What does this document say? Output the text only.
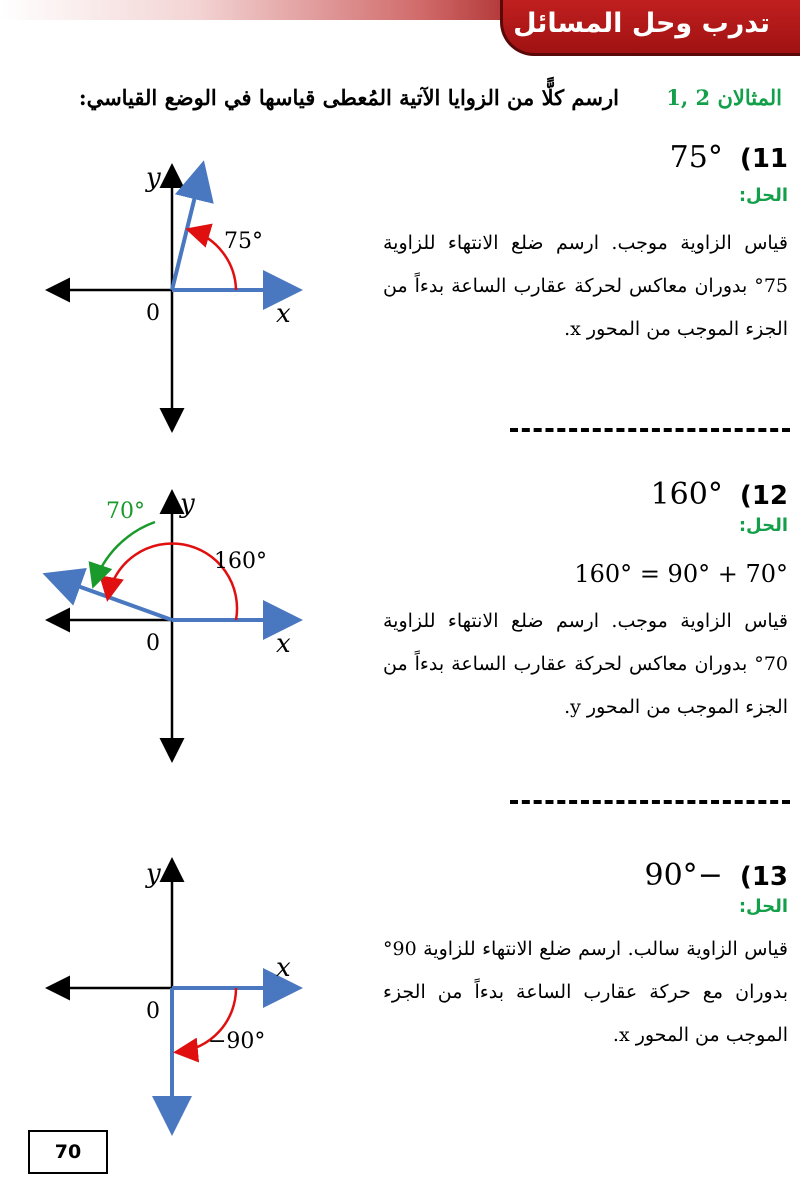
تدرب وحل المسائل
المثالان 2 ,1 ارسم كلًّا من الزوايا الآتية المُعطى قياسها في الوضع القياسي:
11) 75°
الحل:
قياس الزاوية موجب. ارسم ضلع الانتهاء للزاوية 75° بدوران معاكس لحركة عقارب الساعة بدءاً من الجزء الموجب من المحور x.
75°
y
0	x
12) 160°
الحل:
160° = 90° + 70°
قياس الزاوية موجب. ارسم ضلع الانتهاء للزاوية 70° بدوران معاكس لحركة عقارب الساعة بدءاً من الجزء الموجب من المحور y.
70°
160°
y
0	x
13) −90°
الحل:
قياس الزاوية سالب. ارسم ضلع الانتهاء للزاوية 90° بدوران مع حركة عقارب الساعة بدءاً من الجزء الموجب من المحور x.
−90°
y
0
x
70
